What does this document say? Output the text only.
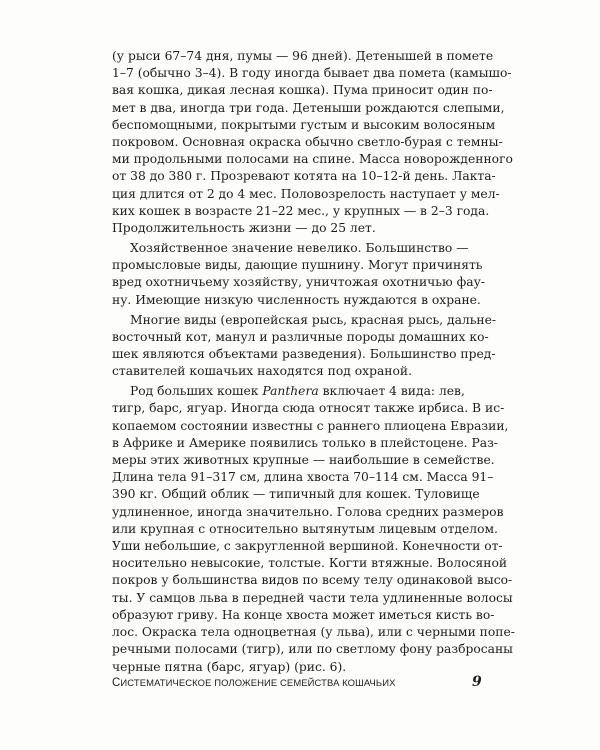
(у рыси 67–74 дня, пумы — 96 дней). Детенышей в помете
1–7 (обычно 3–4). В году иногда бывает два помета (камышо-
вая кошка, дикая лесная кошка). Пума приносит один по-
мет в два, иногда три года. Детеныши рождаются слепыми,
беспомощными, покрытыми густым и высоким волосяным
покровом. Основная окраска обычно светло-бурая с темны-
ми продольными полосами на спине. Масса новорожденного
от 38 до 380 г. Прозревают котята на 10–12-й день. Лакта-
ция длится от 2 до 4 мес. Половозрелость наступает у мел-
ких кошек в возрасте 21–22 мес., у крупных — в 2–3 года.
Продолжительность жизни — до 25 лет.

Хозяйственное значение невелико. Большинство —
промысловые виды, дающие пушнину. Могут причинять
вред охотничьему хозяйству, уничтожая охотничью фау-
ну. Имеющие низкую численность нуждаются в охране.

Многие виды (европейская рысь, красная рысь, дальне-
восточный кот, манул и различные породы домашних ко-
шек являются объектами разведения). Большинство пред-
ставителей кошачьих находятся под охраной.

Род больших кошек Panthera включает 4 вида: лев,
тигр, барс, ягуар. Иногда сюда относят также ирбиса. В ис-
копаемом состоянии известны с раннего плиоцена Евразии,
в Африке и Америке появились только в плейстоцене. Раз-
меры этих животных крупные — наибольшие в семействе.
Длина тела 91–317 см, длина хвоста 70–114 см. Масса 91–
390 кг. Общий облик — типичный для кошек. Туловище
удлиненное, иногда значительно. Голова средних размеров
или крупная с относительно вытянутым лицевым отделом.
Уши небольшие, с закругленной вершиной. Конечности от-
носительно невысокие, толстые. Когти втяжные. Волосяной
покров у большинства видов по всему телу одинаковой высо-
ты. У самцов льва в передней части тела удлиненные волосы
образуют гриву. На конце хвоста может иметься кисть во-
лос. Окраска тела одноцветная (у льва), или с черными попе-
речными полосами (тигр), или по светлому фону разбросаны
черные пятна (барс, ягуар) (рис. 6).

СИСТЕМАТИЧЕСКОЕ ПОЛОЖЕНИЕ СЕМЕЙСТВА КОШАЧЬИХ	9
